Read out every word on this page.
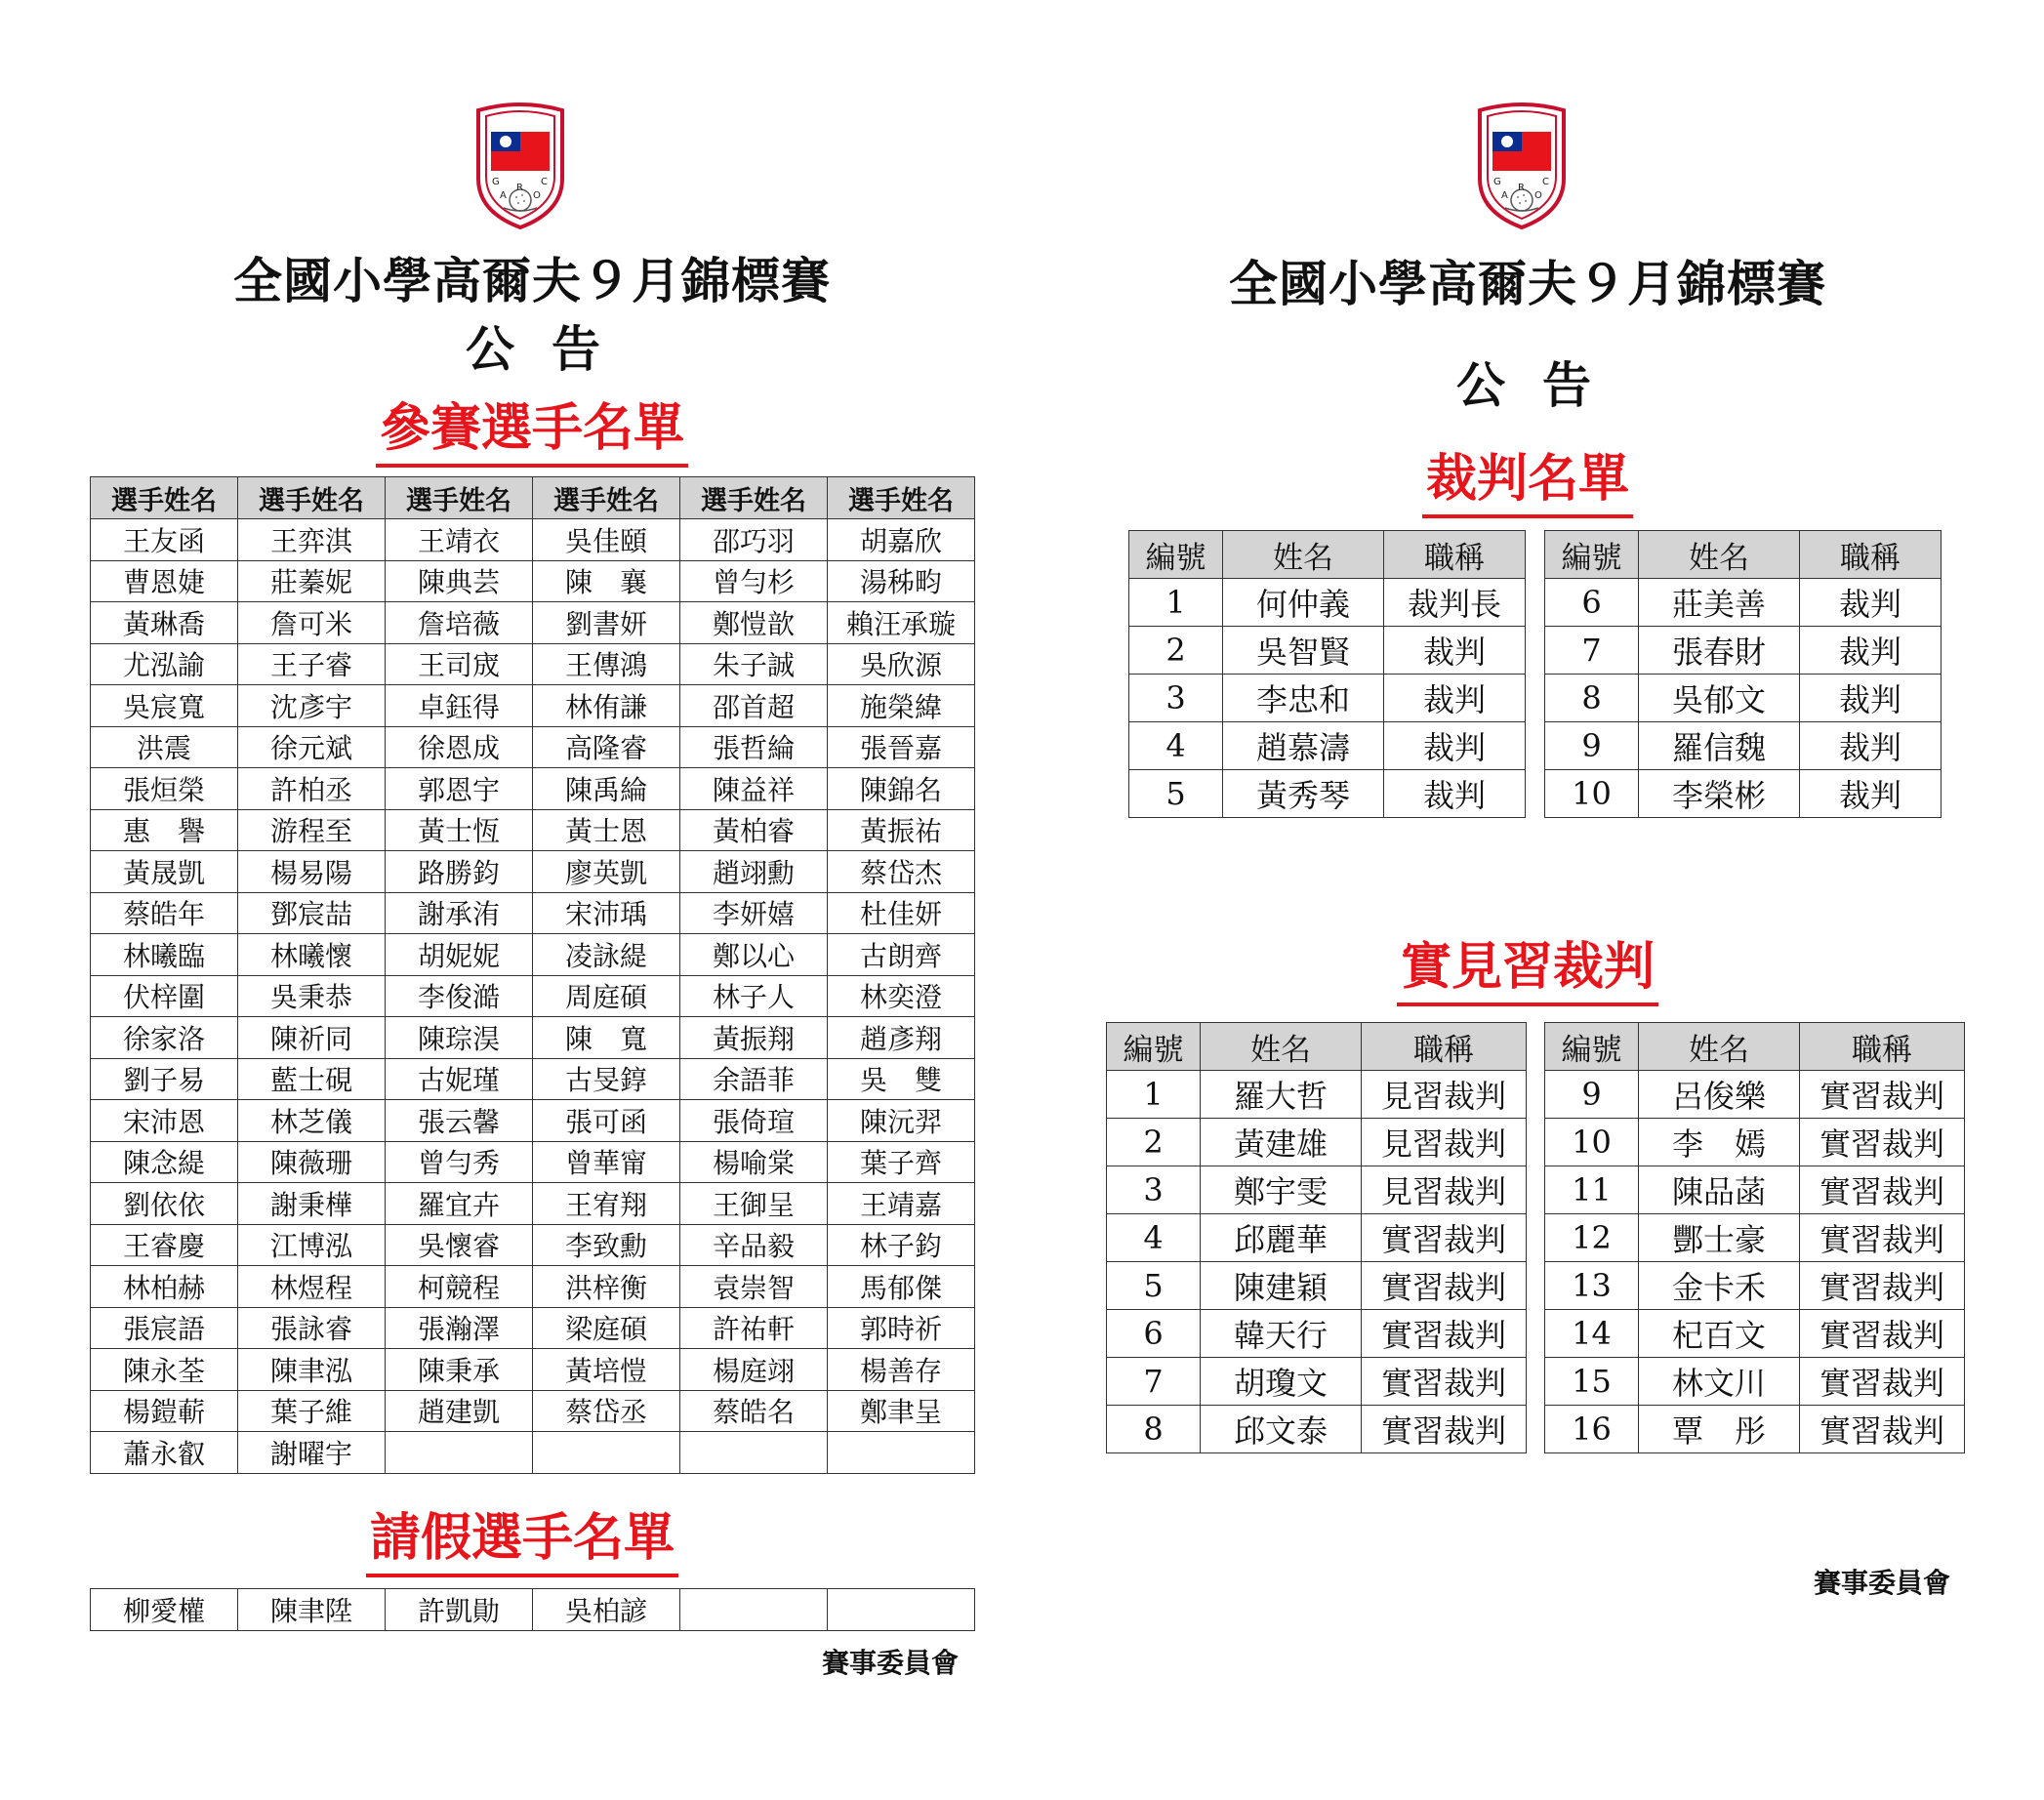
G
A
R
O
C
全國小學高爾夫９月錦標賽
公告
參賽選手名單
選手姓名	選手姓名	選手姓名	選手姓名	選手姓名	選手姓名
王友函	王弈淇	王靖衣	吳佳頤	邵巧羽	胡嘉欣
曹恩婕	莊蓁妮	陳典芸	陳　襄	曾勻杉	湯秭畇
黃琳喬	詹可米	詹培薇	劉書妍	鄭愷歆	賴汪承璇
尤泓諭	王子睿	王司宬	王傳鴻	朱子誠	吳欣源
吳宸寬	沈彥宇	卓鈺得	林侑謙	邵首超	施榮緯
洪震	徐元斌	徐恩成	高隆睿	張哲綸	張晉嘉
張烜榮	許柏丞	郭恩宇	陳禹綸	陳益祥	陳錦名
惠　譽	游程至	黃士恆	黃士恩	黃柏睿	黃振祐
黃晟凱	楊易陽	路勝鈞	廖英凱	趙翊勳	蔡岱杰
蔡皓年	鄧宸喆	謝承洧	宋沛瑀	李妍嬉	杜佳妍
林曦臨	林曦懷	胡妮妮	凌詠緹	鄭以心	古朗齊
伏梓圍	吳秉恭	李俊澔	周庭碩	林子人	林奕澄
徐家洛	陳祈同	陳琮淏	陳　寬	黃振翔	趙彥翔
劉子易	藍士硯	古妮瑾	古旻錞	余語菲	吳　雙
宋沛恩	林芝儀	張云馨	張可函	張倚瑄	陳沅羿
陳念緹	陳薇珊	曾勻秀	曾華甯	楊喻棠	葉子齊
劉依依	謝秉樺	羅宜卉	王宥翔	王御呈	王靖嘉
王睿慶	江博泓	吳懷睿	李致勳	辛品毅	林子鈞
林柏赫	林煜程	柯競程	洪梓衡	袁崇智	馬郁傑
張宸語	張詠睿	張瀚澤	梁庭碩	許祐軒	郭時祈
陳永荃	陳聿泓	陳秉承	黃培愷	楊庭翊	楊善存
楊鎧蔪	葉子維	趙建凱	蔡岱丞	蔡皓名	鄭聿呈
蕭永叡	謝曜宇				
請假選手名單
柳愛權	陳聿陞	許凱勛	吳柏諺		
賽事委員會
G
A
R
O
C
全國小學高爾夫９月錦標賽
公告
裁判名單
編號	姓名	職稱
1	何仲義	裁判長
2	吳智賢	裁判
3	李忠和	裁判
4	趙慕濤	裁判
5	黃秀琴	裁判
編號	姓名	職稱
6	莊美善	裁判
7	張春財	裁判
8	吳郁文	裁判
9	羅信魏	裁判
10	李榮彬	裁判
實見習裁判
編號	姓名	職稱
1	羅大哲	見習裁判
2	黃建雄	見習裁判
3	鄭宇雯	見習裁判
4	邱麗華	實習裁判
5	陳建穎	實習裁判
6	韓天行	實習裁判
7	胡瓊文	實習裁判
8	邱文泰	實習裁判
編號	姓名	職稱
9	呂俊樂	實習裁判
10	李　嫣	實習裁判
11	陳品菡	實習裁判
12	酆士豪	實習裁判
13	金卡禾	實習裁判
14	杞百文	實習裁判
15	林文川	實習裁判
16	覃　彤	實習裁判
賽事委員會
